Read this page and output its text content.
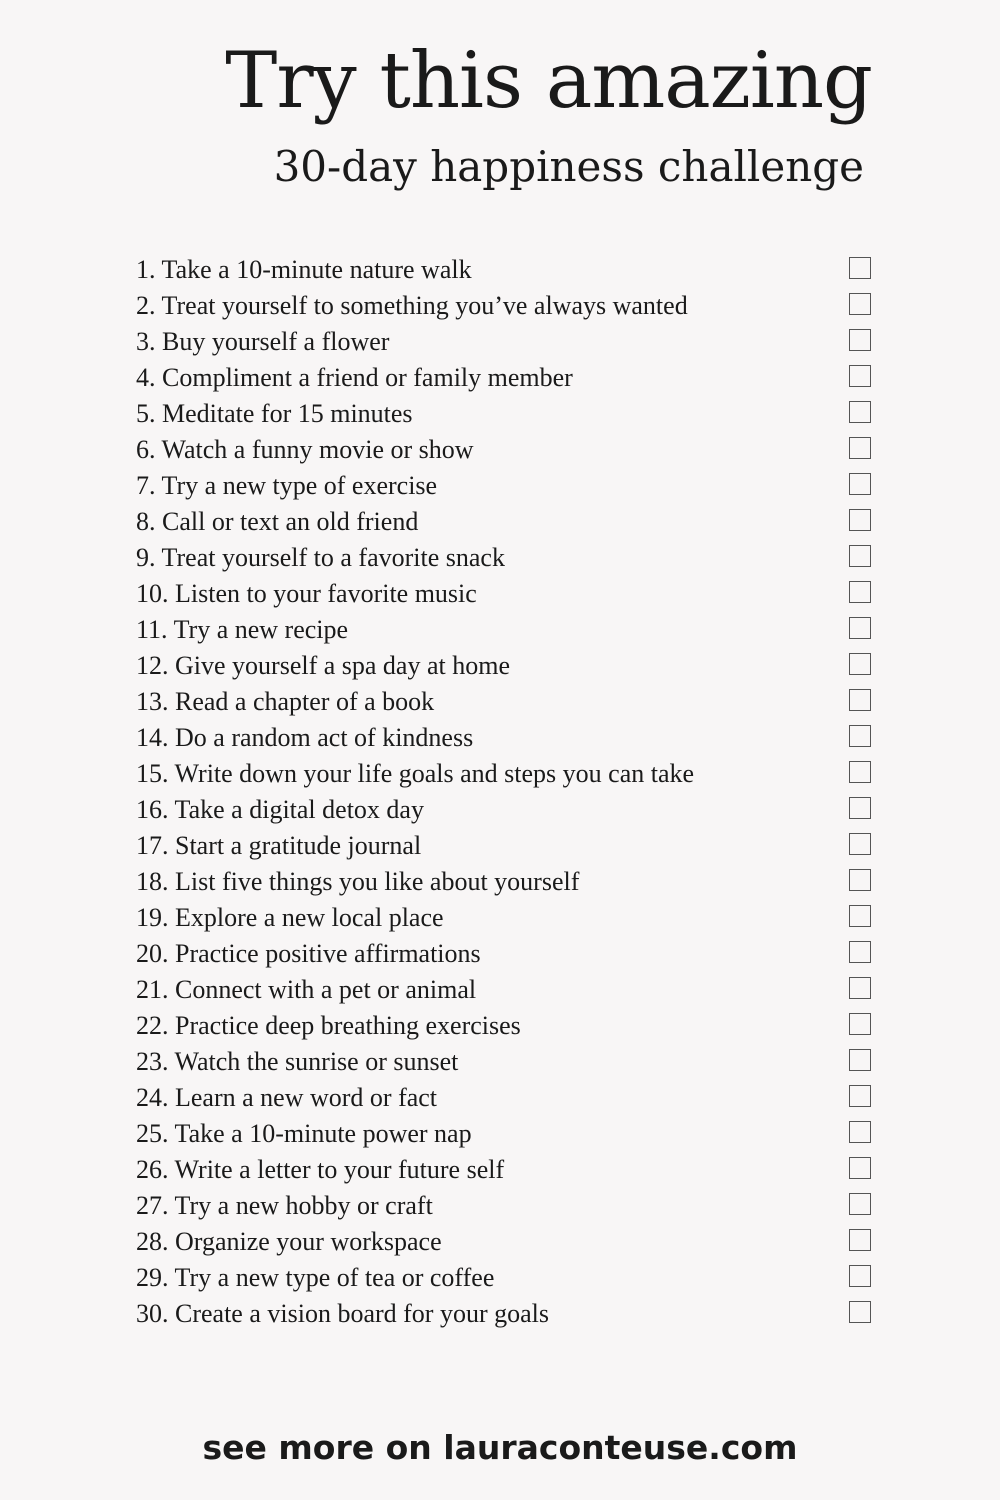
Try this amazing
30-day happiness challenge
1. Take a 10-minute nature walk
2. Treat yourself to something you’ve always wanted
3. Buy yourself a flower
4. Compliment a friend or family member
5. Meditate for 15 minutes
6. Watch a funny movie or show
7. Try a new type of exercise
8. Call or text an old friend
9. Treat yourself to a favorite snack
10. Listen to your favorite music
11. Try a new recipe
12. Give yourself a spa day at home
13. Read a chapter of a book
14. Do a random act of kindness
15. Write down your life goals and steps you can take
16. Take a digital detox day
17. Start a gratitude journal
18. List five things you like about yourself
19. Explore a new local place
20. Practice positive affirmations
21. Connect with a pet or animal
22. Practice deep breathing exercises
23. Watch the sunrise or sunset
24. Learn a new word or fact
25. Take a 10-minute power nap
26. Write a letter to your future self
27. Try a new hobby or craft
28. Organize your workspace
29. Try a new type of tea or coffee
30. Create a vision board for your goals
see more on lauraconteuse.com
